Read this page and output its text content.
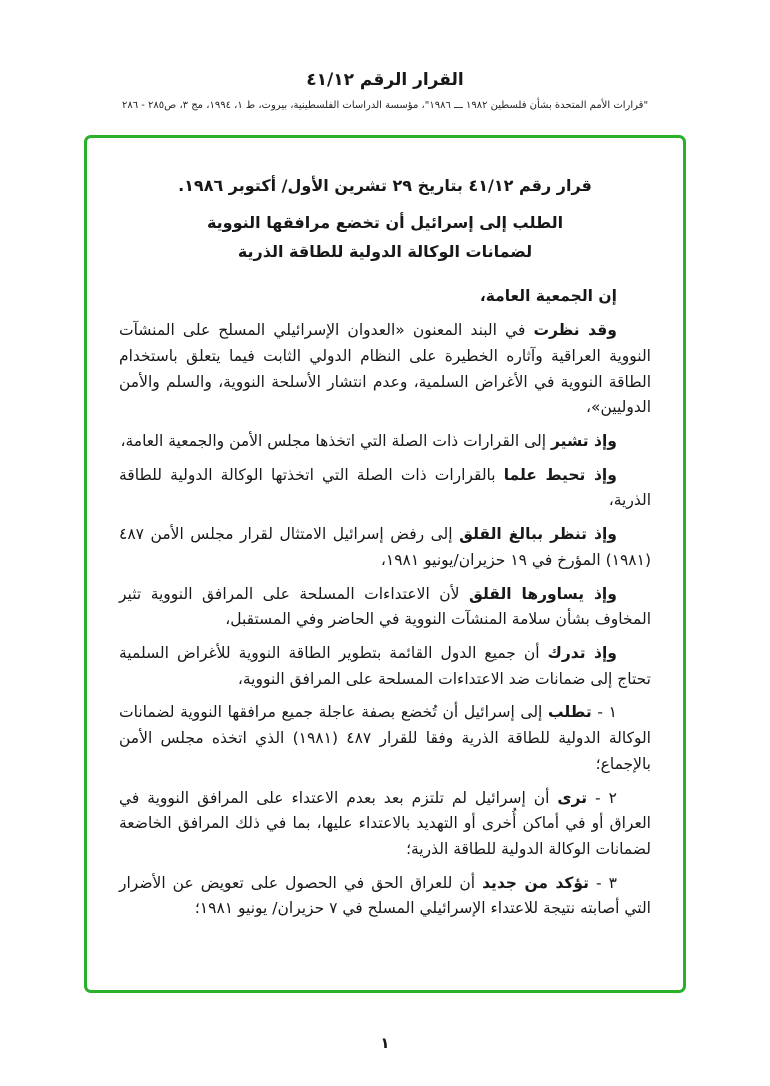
القرار الرقم ٤١/١٢
"قرارات الأمم المتحدة بشأن فلسطين ١٩٨٢ ـــ ١٩٨٦"، مؤسسة الدراسات الفلسطينية، بيروت، ط ١، ١٩٩٤، مج ٣، ص٢٨٥ - ٢٨٦
قرار رقم ٤١/١٢ بتاريخ ٢٩ تشرين الأول/ أكتوبر ١٩٨٦.
الطلب إلى إسرائيل أن تخضع مرافقها النووية
لضمانات الوكالة الدولية للطاقة الذرية

إن الجمعية العامة،

وقد نظرت في البند المعنون «العدوان الإسرائيلي المسلح على المنشآت النووية العراقية وآثاره الخطيرة على النظام الدولي الثابت فيما يتعلق باستخدام الطاقة النووية في الأغراض السلمية، وعدم انتشار الأسلحة النووية، والسلم والأمن الدوليين»،

وإذ تشير إلى القرارات ذات الصلة التي اتخذها مجلس الأمن والجمعية العامة،

وإذ تحيط علما بالقرارات ذات الصلة التي اتخذتها الوكالة الدولية للطاقة الذرية،

وإذ تنظر ببالغ القلق إلى رفض إسرائيل الامتثال لقرار مجلس الأمن ٤٨٧ (١٩٨١) المؤرخ في ١٩ حزيران/يونيو ١٩٨١،

وإذ يساورها القلق لأن الاعتداءات المسلحة على المرافق النووية تثير المخاوف بشأن سلامة المنشآت النووية في الحاضر وفي المستقبل،

وإذ تدرك أن جميع الدول القائمة بتطوير الطاقة النووية للأغراض السلمية تحتاج إلى ضمانات ضد الاعتداءات المسلحة على المرافق النووية،

١ - تطلب إلى إسرائيل أن تُخضع بصفة عاجلة جميع مرافقها النووية لضمانات الوكالة الدولية للطاقة الذرية وفقا للقرار ٤٨٧ (١٩٨١) الذي اتخذه مجلس الأمن بالإجماع؛

٢ - ترى أن إسرائيل لم تلتزم بعد بعدم الاعتداء على المرافق النووية في العراق أو في أماكن أُخرى أو التهديد بالاعتداء عليها، بما في ذلك المرافق الخاضعة لضمانات الوكالة الدولية للطاقة الذرية؛

٣ - تؤكد من جديد أن للعراق الحق في الحصول على تعويض عن الأضرار التي أصابته نتيجة للاعتداء الإسرائيلي المسلح في ٧ حزيران/ يونيو ١٩٨١؛

١
